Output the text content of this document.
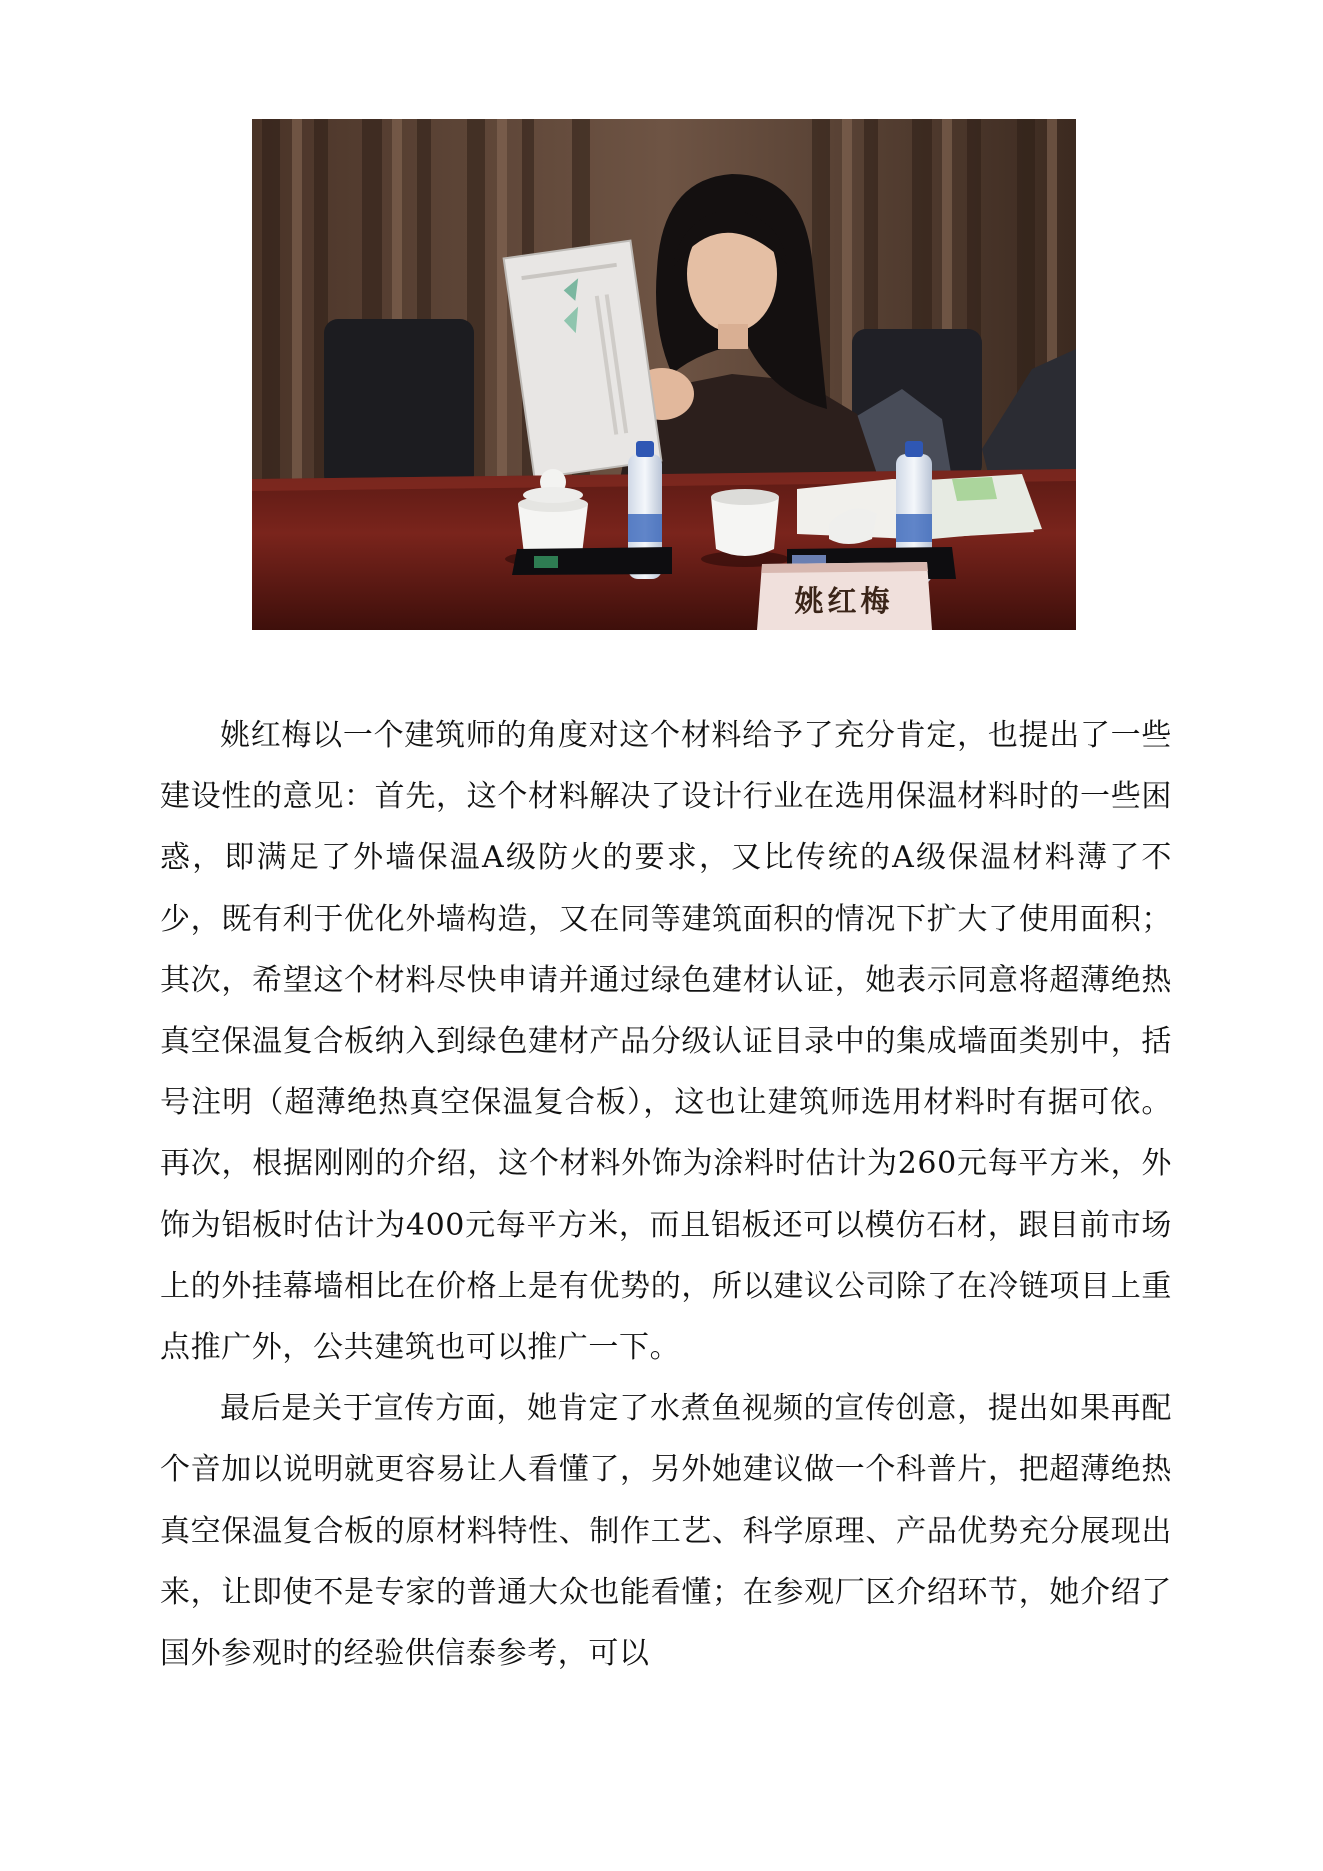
姚红梅

姚红梅以一个建筑师的角度对这个材料给予了充分肯定，也提出了一些建设性的意见：首先，这个材料解决了设计行业在选用保温材料时的一些困惑，即满足了外墙保温A级防火的要求，又比传统的A级保温材料薄了不少，既有利于优化外墙构造，又在同等建筑面积的情况下扩大了使用面积；其次，希望这个材料尽快申请并通过绿色建材认证，她表示同意将超薄绝热真空保温复合板纳入到绿色建材产品分级认证目录中的集成墙面类别中，括号注明（超薄绝热真空保温复合板），这也让建筑师选用材料时有据可依。再次，根据刚刚的介绍，这个材料外饰为涂料时估计为260元每平方米，外饰为铝板时估计为400元每平方米，而且铝板还可以模仿石材，跟目前市场上的外挂幕墙相比在价格上是有优势的，所以建议公司除了在冷链项目上重点推广外，公共建筑也可以推广一下。

最后是关于宣传方面，她肯定了水煮鱼视频的宣传创意，提出如果再配个音加以说明就更容易让人看懂了，另外她建议做一个科普片，把超薄绝热真空保温复合板的原材料特性、制作工艺、科学原理、产品优势充分展现出来，让即使不是专家的普通大众也能看懂；在参观厂区介绍环节，她介绍了国外参观时的经验供信泰参考，可以
